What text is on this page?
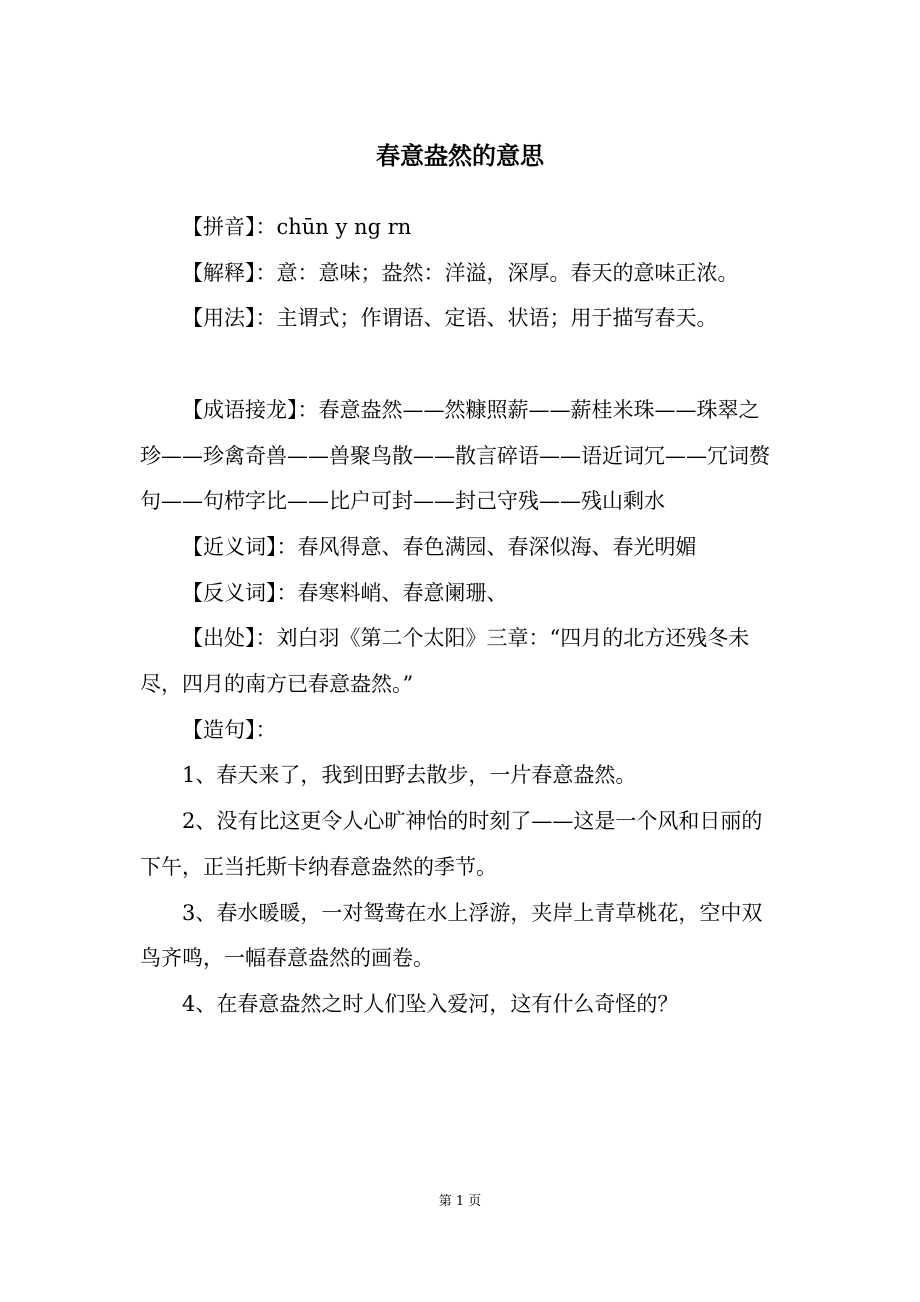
春意盎然的意思

【拼音】：chūn y ng rn

【解释】：意：意味；盎然：洋溢，深厚。春天的意味正浓。

【用法】：主谓式；作谓语、定语、状语；用于描写春天。

【成语接龙】：春意盎然——然糠照薪——薪桂米珠——珠翠之珍——珍禽奇兽——兽聚鸟散——散言碎语——语近词冗——冗词赘句——句栉字比——比户可封——封己守残——残山剩水

【近义词】：春风得意、春色满园、春深似海、春光明媚

【反义词】：春寒料峭、春意阑珊、

【出处】：刘白羽《第二个太阳》三章：“四月的北方还残冬未尽，四月的南方已春意盎然。”

【造句】：

1、春天来了，我到田野去散步，一片春意盎然。

2、没有比这更令人心旷神怡的时刻了——这是一个风和日丽的下午，正当托斯卡纳春意盎然的季节。

3、春水暖暖，一对鸳鸯在水上浮游，夹岸上青草桃花，空中双鸟齐鸣，一幅春意盎然的画卷。

4、在春意盎然之时人们坠入爱河，这有什么奇怪的？

第 1 页
